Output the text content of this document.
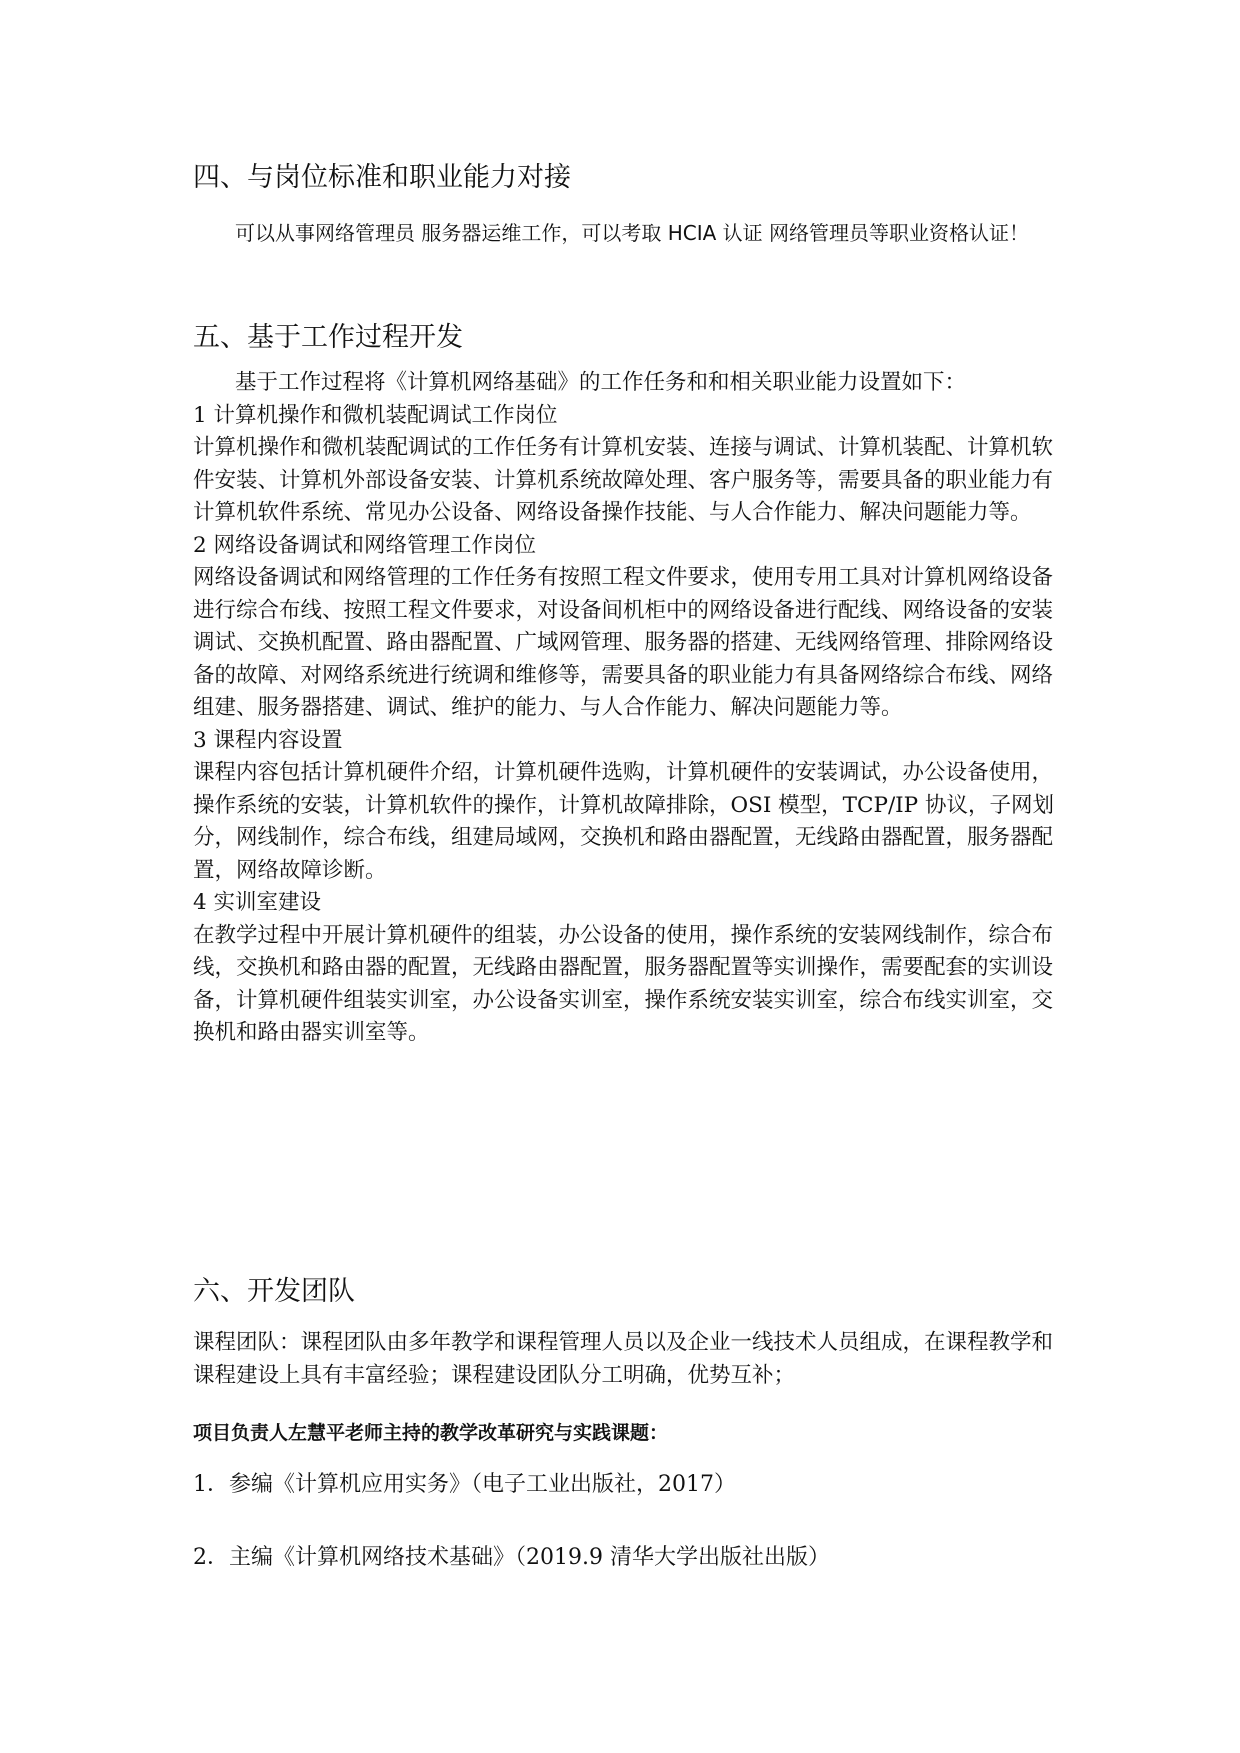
四、与岗位标准和职业能力对接
可以从事网络管理员 服务器运维工作，可以考取 HCIA 认证 网络管理员等职业资格认证！
五、基于工作过程开发

基于工作过程将《计算机网络基础》的工作任务和和相关职业能力设置如下：

1 计算机操作和微机装配调试工作岗位

计算机操作和微机装配调试的工作任务有计算机安装、连接与调试、计算机装配、计算机软件安装、计算机外部设备安装、计算机系统故障处理、客户服务等，需要具备的职业能力有计算机软件系统、常见办公设备、网络设备操作技能、与人合作能力、解决问题能力等。

2 网络设备调试和网络管理工作岗位

网络设备调试和网络管理的工作任务有按照工程文件要求，使用专用工具对计算机网络设备进行综合布线、按照工程文件要求，对设备间机柜中的网络设备进行配线、网络设备的安装调试、交换机配置、路由器配置、广域网管理、服务器的搭建、无线网络管理、排除网络设备的故障、对网络系统进行统调和维修等，需要具备的职业能力有具备网络综合布线、网络组建、服务器搭建、调试、维护的能力、与人合作能力、解决问题能力等。

3 课程内容设置

课程内容包括计算机硬件介绍，计算机硬件选购，计算机硬件的安装调试，办公设备使用，操作系统的安装，计算机软件的操作，计算机故障排除，OSI 模型，TCP/IP 协议，子网划分，网线制作，综合布线，组建局域网，交换机和路由器配置，无线路由器配置，服务器配置，网络故障诊断。

4 实训室建设

在教学过程中开展计算机硬件的组装，办公设备的使用，操作系统的安装网线制作，综合布线，交换机和路由器的配置，无线路由器配置，服务器配置等实训操作，需要配套的实训设备，计算机硬件组装实训室，办公设备实训室，操作系统安装实训室，综合布线实训室，交换机和路由器实训室等。

六、开发团队
课程团队：课程团队由多年教学和课程管理人员以及企业一线技术人员组成，在课程教学和课程建设上具有丰富经验；课程建设团队分工明确，优势互补；
项目负责人左慧平老师主持的教学改革研究与实践课题：
1．参编《计算机应用实务》（电子工业出版社，2017）
2．主编《计算机网络技术基础》（2019.9 清华大学出版社出版）
